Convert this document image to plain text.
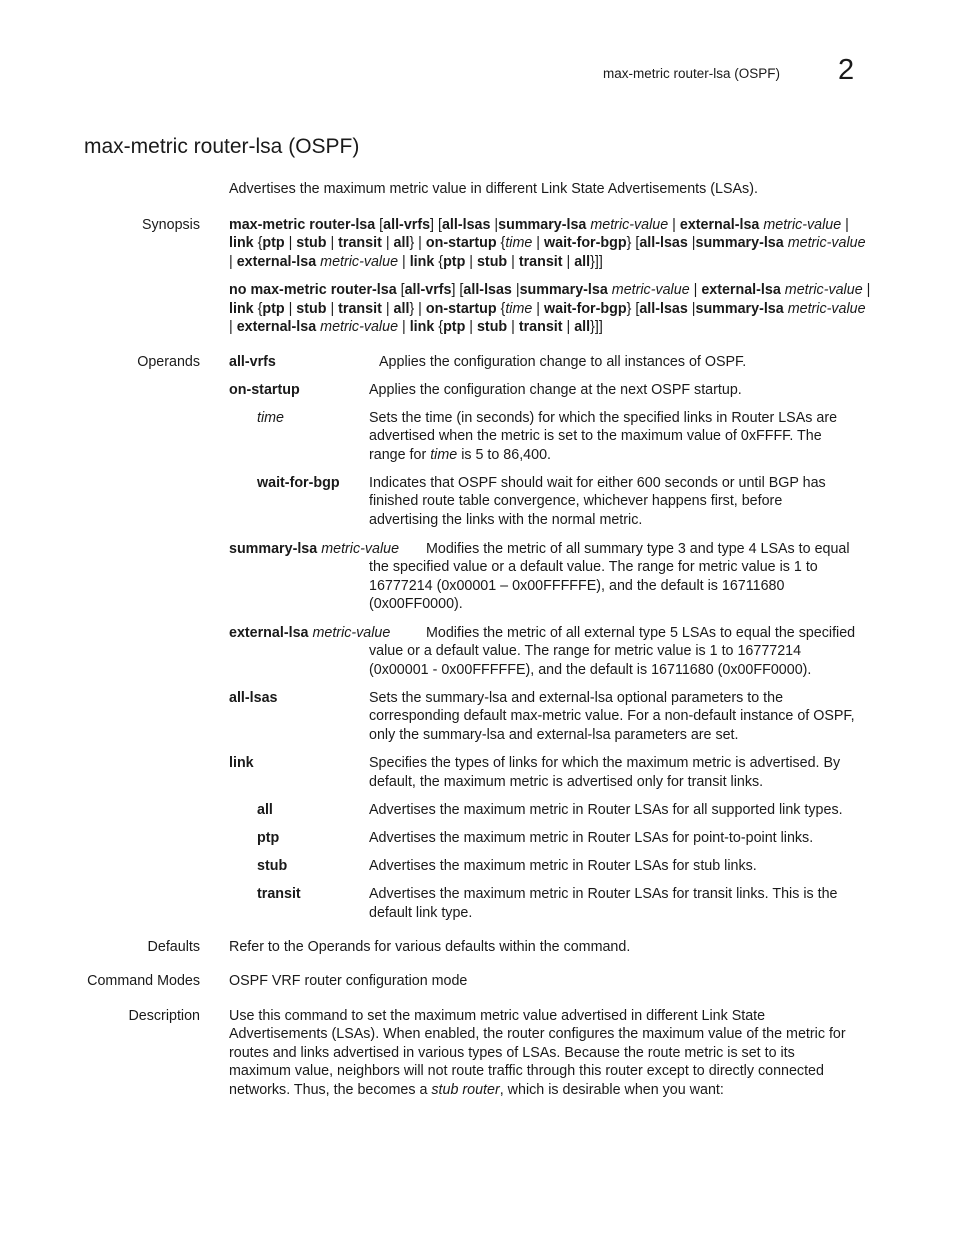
max-metric router-lsa (OSPF) 2
max-metric router-lsa (OSPF)
Advertises the maximum metric value in different Link State Advertisements (LSAs).
Synopsis max-metric router-lsa [all-vrfs] [all-lsas |summary-lsa metric-value | external-lsa metric-value |
link {ptp | stub | transit | all} | on-startup {time | wait-for-bgp} [all-lsas |summary-lsa metric-value
| external-lsa metric-value | link {ptp | stub | transit | all}]]
no max-metric router-lsa [all-vrfs] [all-lsas |summary-lsa metric-value | external-lsa metric-value |
link {ptp | stub | transit | all} | on-startup {time | wait-for-bgp} [all-lsas |summary-lsa metric-value
| external-lsa metric-value | link {ptp | stub | transit | all}]]
Operands all-vrfs	Applies the configuration change to all instances of OSPF.
on-startup	Applies the configuration change at the next OSPF startup.
time	Sets the time (in seconds) for which the specified links in Router LSAs are
advertised when the metric is set to the maximum value of 0xFFFF. The
range for time is 5 to 86,400.
wait-for-bgp Indicates that OSPF should wait for either 600 seconds or until BGP has
finished route table convergence, whichever happens first, before
advertising the links with the normal metric.
summary-lsa metric-value Modifies the metric of all summary type 3 and type 4 LSAs to equal
the specified value or a default value. The range for metric value is 1 to
16777214 (0x00001 – 0x00FFFFFE), and the default is 16711680
(0x00FF0000).
external-lsa metric-value Modifies the metric of all external type 5 LSAs to equal the specified
value or a default value. The range for metric value is 1 to 16777214
(0x00001 - 0x00FFFFFE), and the default is 16711680 (0x00FF0000).
all-lsas	Sets the summary-lsa and external-lsa optional parameters to the
corresponding default max-metric value. For a non-default instance of OSPF,
only the summary-lsa and external-lsa parameters are set.
link	Specifies the types of links for which the maximum metric is advertised. By
default, the maximum metric is advertised only for transit links.
all	Advertises the maximum metric in Router LSAs for all supported link types.
ptp	Advertises the maximum metric in Router LSAs for point-to-point links.
stub	Advertises the maximum metric in Router LSAs for stub links.
transit	Advertises the maximum metric in Router LSAs for transit links. This is the
default link type.
Defaults Refer to the Operands for various defaults within the command.
Command Modes OSPF VRF router configuration mode
Description Use this command to set the maximum metric value advertised in different Link State
Advertisements (LSAs). When enabled, the router configures the maximum value of the metric for
routes and links advertised in various types of LSAs. Because the route metric is set to its
maximum value, neighbors will not route traffic through this router except to directly connected
networks. Thus, the becomes a stub router, which is desirable when you want:
